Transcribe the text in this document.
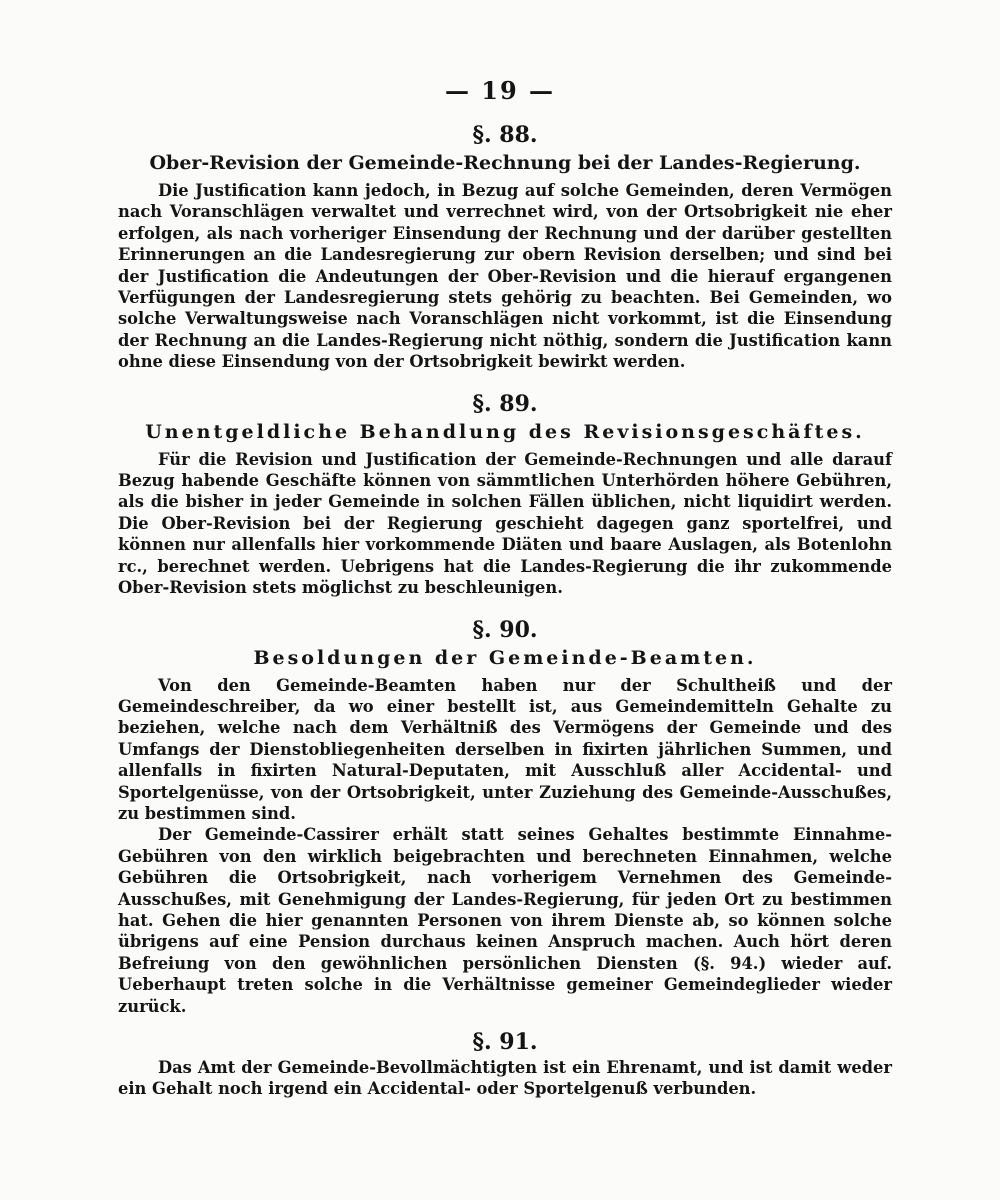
— 19 —
§. 88.
Ober-Revision der Gemeinde-Rechnung bei der Landes-Regierung.

Die Justification kann jedoch, in Bezug auf solche Gemeinden, deren Vermögen nach Voranschlägen verwaltet und verrechnet wird, von der Ortsobrigkeit nie eher erfolgen, als nach vorheriger Einsendung der Rechnung und der darüber gestellten Erinnerungen an die Landesregierung zur obern Revision derselben; und sind bei der Justification die Andeutungen der Ober-Revision und die hierauf ergangenen Verfügungen der Landesregierung stets gehörig zu beachten. Bei Gemeinden, wo solche Verwaltungsweise nach Voranschlägen nicht vorkommt, ist die Einsendung der Rechnung an die Landes-Regierung nicht nöthig, sondern die Justification kann ohne diese Einsendung von der Ortsobrigkeit bewirkt werden.

§. 89.
Unentgeldliche Behandlung des Revisionsgeschäftes.

Für die Revision und Justification der Gemeinde-Rechnungen und alle darauf Bezug habende Geschäfte können von sämmtlichen Unterhörden höhere Gebühren, als die bisher in jeder Gemeinde in solchen Fällen üblichen, nicht liquidirt werden. Die Ober-Revision bei der Regierung geschieht dagegen ganz sportelfrei, und können nur allenfalls hier vorkommende Diäten und baare Auslagen, als Botenlohn rc., berechnet werden. Uebrigens hat die Landes-Regierung die ihr zukommende Ober-Revision stets möglichst zu beschleunigen.

§. 90.
Besoldungen der Gemeinde-Beamten.

Von den Gemeinde-Beamten haben nur der Schultheiß und der Gemeindeschreiber, da wo einer bestellt ist, aus Gemeindemitteln Gehalte zu beziehen, welche nach dem Verhältniß des Vermögens der Gemeinde und des Umfangs der Dienstobliegenheiten derselben in fixirten jährlichen Summen, und allenfalls in fixirten Natural-Deputaten, mit Ausschluß aller Accidental- und Sportelgenüsse, von der Ortsobrigkeit, unter Zuziehung des Gemeinde-Ausschußes, zu bestimmen sind.

Der Gemeinde-Cassirer erhält statt seines Gehaltes bestimmte Einnahme-Gebühren von den wirklich beigebrachten und berechneten Einnahmen, welche Gebühren die Ortsobrigkeit, nach vorherigem Vernehmen des Gemeinde-Ausschußes, mit Genehmigung der Landes-Regierung, für jeden Ort zu bestimmen hat. Gehen die hier genannten Personen von ihrem Dienste ab, so können solche übrigens auf eine Pension durchaus keinen Anspruch machen. Auch hört deren Befreiung von den gewöhnlichen persönlichen Diensten (§. 94.) wieder auf. Ueberhaupt treten solche in die Verhältnisse gemeiner Gemeindeglieder wieder zurück.

§. 91.

Das Amt der Gemeinde-Bevollmächtigten ist ein Ehrenamt, und ist damit weder ein Gehalt noch irgend ein Accidental- oder Sportelgenuß verbunden.
